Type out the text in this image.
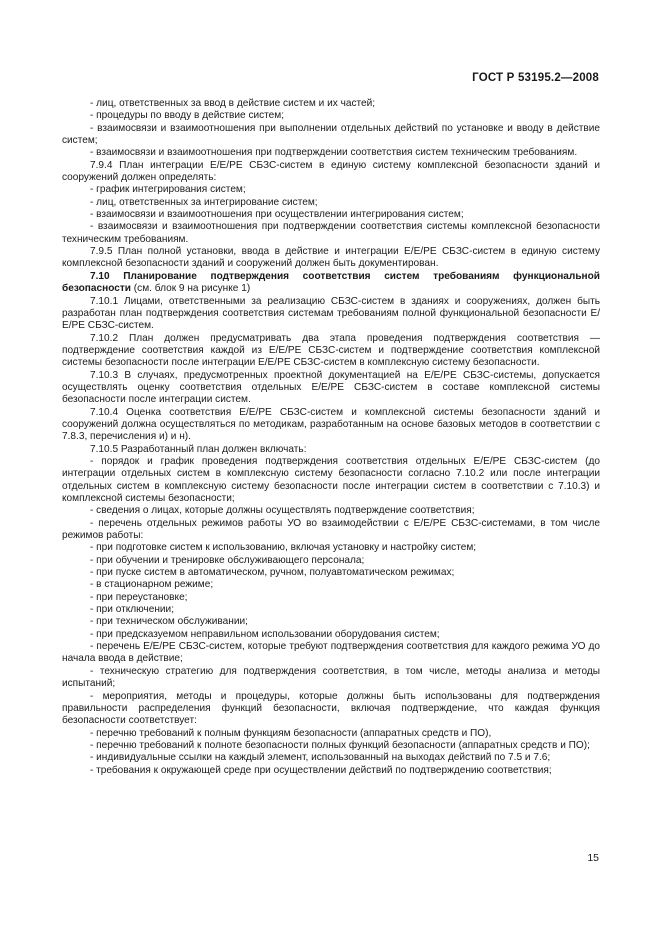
ГОСТ Р 53195.2—2008

- лиц, ответственных за ввод в действие систем и их частей;

- процедуры по вводу в действие систем;

- взаимосвязи и взаимоотношения при выполнении отдельных действий по установке и вводу в действие систем;

- взаимосвязи и взаимоотношения при подтверждении соответствия систем техническим требованиям.

7.9.4 План интеграции Е/Е/РЕ СБЗС-систем в единую систему комплексной безопасности зданий и сооружений должен определять:

- график интегрирования систем;

- лиц, ответственных за интегрирование систем;

- взаимосвязи и взаимоотношения при осуществлении интегрирования систем;

- взаимосвязи и взаимоотношения при подтверждении соответствия системы комплексной безопасности техническим требованиям.

7.9.5 План полной установки, ввода в действие и интеграции Е/Е/РЕ СБЗС-систем в единую систему комплексной безопасности зданий и сооружений должен быть документирован.

7.10 Планирование подтверждения соответствия систем требованиям функциональной безопасности (см. блок 9 на рисунке 1)

7.10.1 Лицами, ответственными за реализацию СБЗС-систем в зданиях и сооружениях, должен быть разработан план подтверждения соответствия системам требованиям полной функциональной безопасности Е/Е/РЕ СБЗС-систем.

7.10.2 План должен предусматривать два этапа проведения подтверждения соответствия — подтверждение соответствия каждой из Е/Е/РЕ СБЗС-систем и подтверждение соответствия комплексной системы безопасности после интеграции Е/Е/РЕ СБЗС-систем в комплексную систему безопасности.

7.10.3 В случаях, предусмотренных проектной документацией на Е/Е/РЕ СБЗС-системы, допускается осуществлять оценку соответствия отдельных Е/Е/РЕ СБЗС-систем в составе комплексной системы безопасности после интеграции систем.

7.10.4 Оценка соответствия Е/Е/РЕ СБЗС-систем и комплексной системы безопасности зданий и сооружений должна осуществляться по методикам, разработанным на основе базовых методов в соответствии с 7.8.3, перечисления и) и н).

7.10.5 Разработанный план должен включать:

- порядок и график проведения подтверждения соответствия отдельных Е/Е/РЕ СБЗС-систем (до интеграции отдельных систем в комплексную систему безопасности согласно 7.10.2 или после интеграции отдельных систем в комплексную систему безопасности после интеграции систем в соответствии с 7.10.3) и комплексной системы безопасности;

- сведения о лицах, которые должны осуществлять подтверждение соответствия;

- перечень отдельных режимов работы УО во взаимодействии с Е/Е/РЕ СБЗС-системами, в том числе режимов работы:

- при подготовке систем к использованию, включая установку и настройку систем;

- при обучении и тренировке обслуживающего персонала;

- при пуске систем в автоматическом, ручном, полуавтоматическом режимах;

- в стационарном режиме;

- при переустановке;

- при отключении;

- при техническом обслуживании;

- при предсказуемом неправильном использовании оборудования систем;

- перечень Е/Е/РЕ СБЗС-систем, которые требуют подтверждения соответствия для каждого режима УО до начала ввода в действие;

- техническую стратегию для подтверждения соответствия, в том числе, методы анализа и методы испытаний;

- мероприятия, методы и процедуры, которые должны быть использованы для подтверждения правильности распределения функций безопасности, включая подтверждение, что каждая функция безопасности соответствует:

- перечню требований к полным функциям безопасности (аппаратных средств и ПО),

- перечню требований к полноте безопасности полных функций безопасности (аппаратных средств и ПО);

- индивидуальные ссылки на каждый элемент, использованный на выходах действий по 7.5 и 7.6;

- требования к окружающей среде при осуществлении действий по подтверждению соответствия;

15
